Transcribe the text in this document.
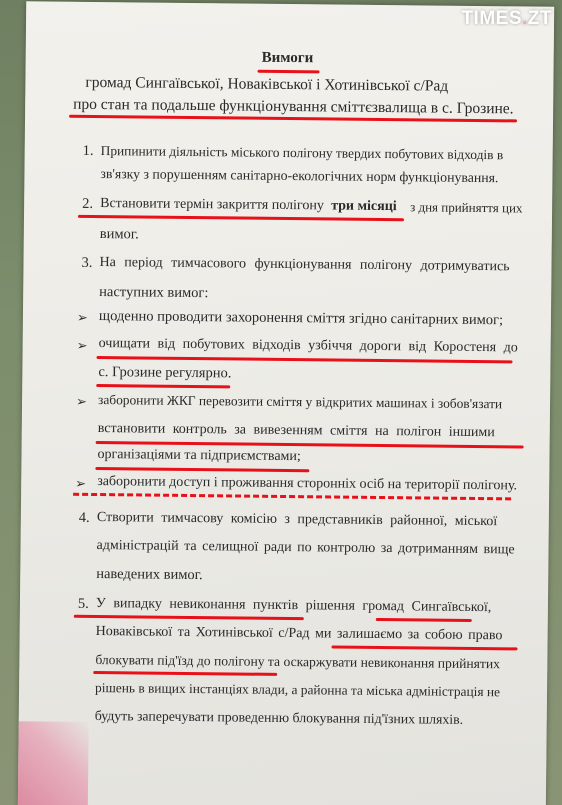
Вимоги
громад Сингаївської, Новаківської і Хотинівської с/Рад
про стан та подальше функціонування сміттєзвалища в с. Грозине.
1. Припинити діяльність міського полігону твердих побутових відходів в
зв'язку з порушенням санітарно-екологічних норм функціонування.
2. Встановити термін закриття полігону три місяці з дня прийняття цих
вимог.
3. На період тимчасового функціонування полігону дотримуватись
наступних вимог:
➢ щоденно проводити захоронення сміття згідно санітарних вимог;
➢ очищати від побутових відходів узбіччя дороги від Коростеня до
с. Грозине регулярно.
➢ заборонити ЖКГ перевозити сміття у відкритих машинах і зобов'язати
встановити контроль за вивезенням сміття на полігон іншими
організаціями та підприємствами;
➢ заборонити доступ і проживання сторонніх осіб на території полігону.
4. Створити тимчасову комісію з представників районної, міської
адміністрацій та селищної ради по контролю за дотриманням вище
наведених вимог.
5. У випадку невиконання пунктів рішення громад Сингаївської,
Новаківської та Хотинівської с/Рад ми залишаємо за собою право
блокувати під'їзд до полігону та оскаржувати невиконання прийнятих
рішень в вищих інстанціях влади, а районна та міська адміністрація не
будуть заперечувати проведенню блокування під'їзних шляхів.
TIMES.ZT
